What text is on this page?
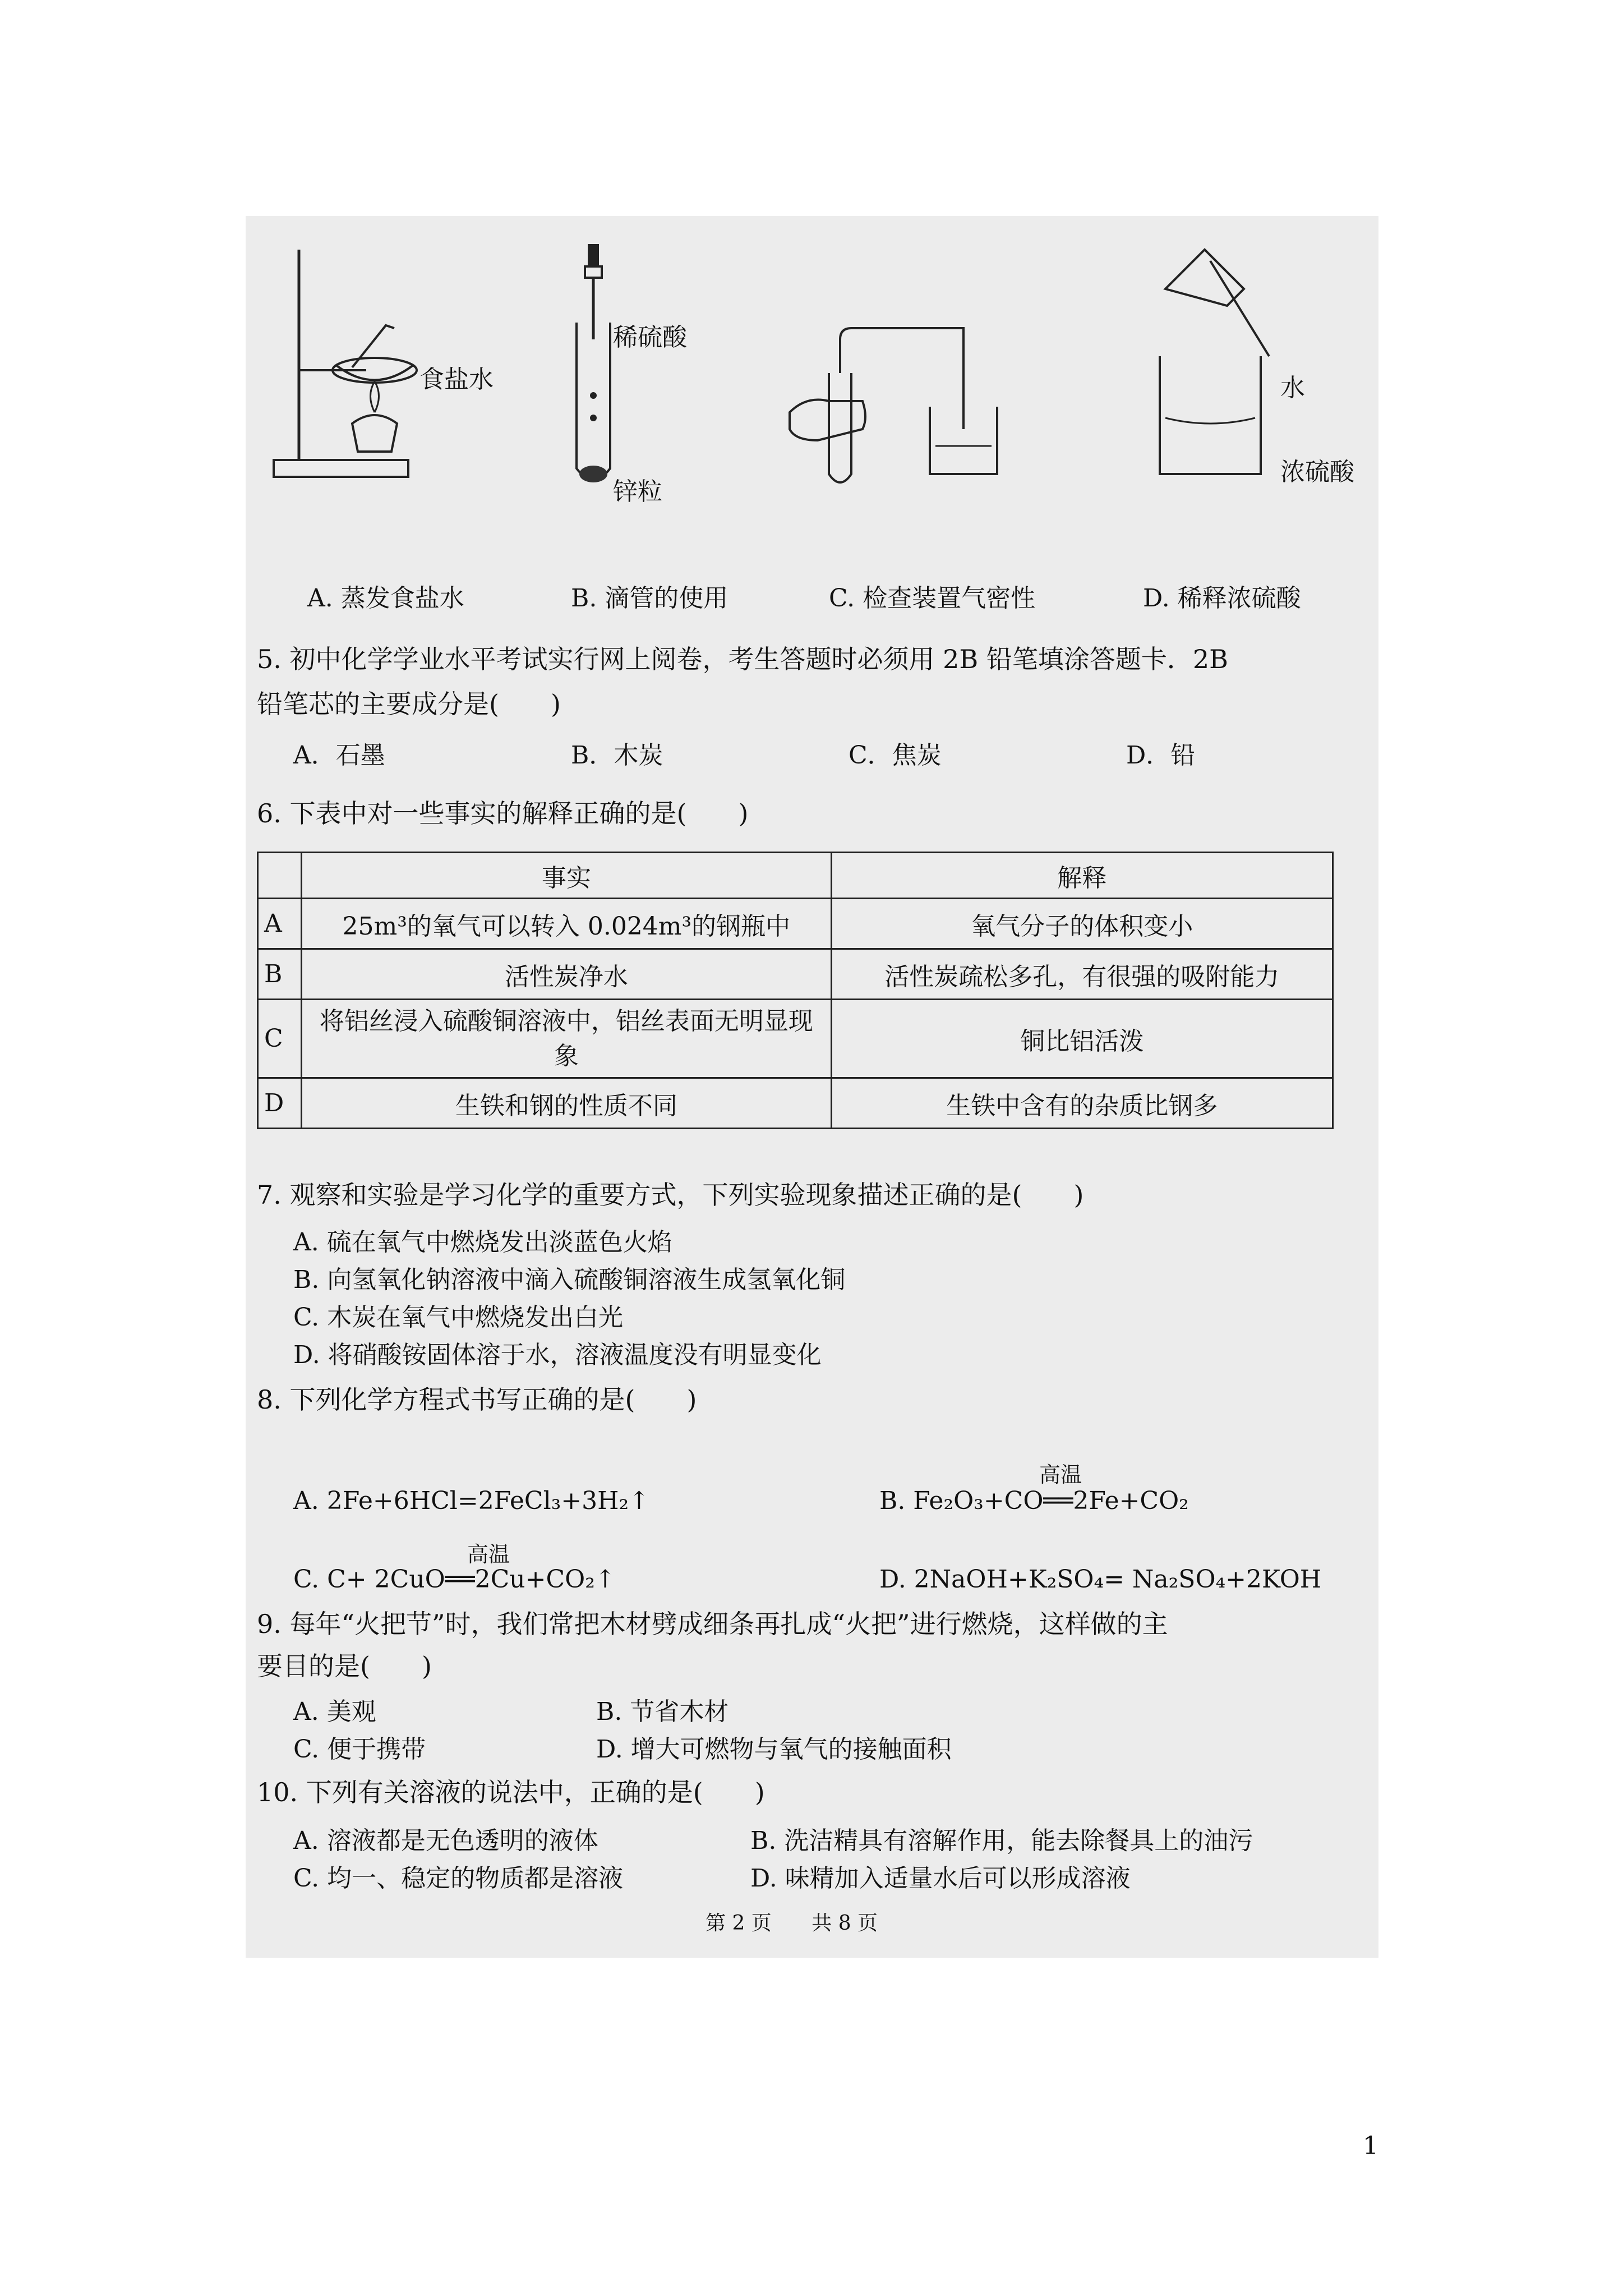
食盐水
稀硫酸
锌粒
水
浓硫酸
A. 蒸发食盐水	B. 滴管的使用	C. 检查装置气密性	D. 稀释浓硫酸
5. 初中化学学业水平考试实行网上阅卷，考生答题时必须用 2B 铅笔填涂答题卡．2B
铅笔芯的主要成分是(　　)
A．石墨	B．木炭	C．焦炭	D．铅
6. 下表中对一些事实的解释正确的是(　　)
	事实	解释
A	25m³的氧气可以转入 0.024m³的钢瓶中	氧气分子的体积变小
B	活性炭净水	活性炭疏松多孔，有很强的吸附能力
C	将铝丝浸入硫酸铜溶液中，铝丝表面无明显现象	铜比铝活泼
D	生铁和钢的性质不同	生铁中含有的杂质比钢多
7. 观察和实验是学习化学的重要方式，下列实验现象描述正确的是(　　)
A. 硫在氧气中燃烧发出淡蓝色火焰
B. 向氢氧化钠溶液中滴入硫酸铜溶液生成氢氧化铜
C. 木炭在氧气中燃烧发出白光
D. 将硝酸铵固体溶于水，溶液温度没有明显变化
8. 下列化学方程式书写正确的是(　　)
高温
A. 2Fe+6HCl=2FeCl₃+3H₂↑	B. Fe₂O₃+CO══2Fe+CO₂
高温
C. C+ 2CuO══2Cu+CO₂↑	D. 2NaOH+K₂SO₄= Na₂SO₄+2KOH
9. 每年“火把节”时，我们常把木材劈成细条再扎成“火把”进行燃烧，这样做的主
要目的是(　　)
A. 美观	B. 节省木材
C. 便于携带	D. 增大可燃物与氧气的接触面积
10. 下列有关溶液的说法中，正确的是(　　)
A. 溶液都是无色透明的液体	B. 洗洁精具有溶解作用，能去除餐具上的油污
C. 均一、稳定的物质都是溶液	D. 味精加入适量水后可以形成溶液
第 2 页 共 8 页
1
